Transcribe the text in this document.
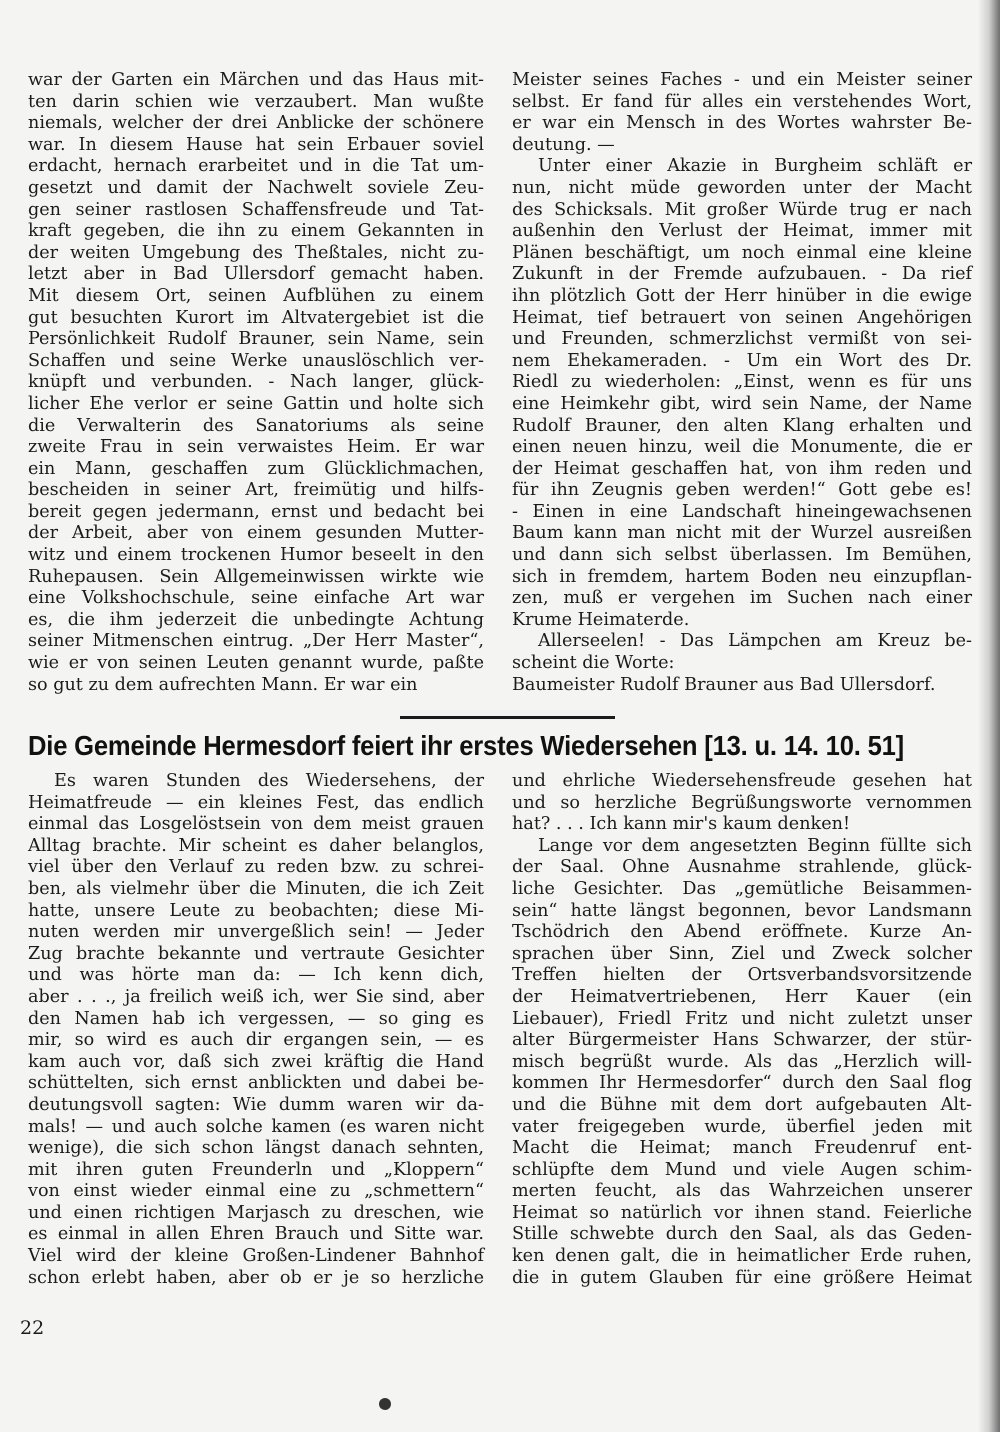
war der Garten ein Märchen und das Haus mit-
ten darin schien wie verzaubert. Man wußte
niemals, welcher der drei Anblicke der schönere
war. In diesem Hause hat sein Erbauer soviel
erdacht, hernach erarbeitet und in die Tat um-
gesetzt und damit der Nachwelt soviele Zeu-
gen seiner rastlosen Schaffensfreude und Tat-
kraft gegeben, die ihn zu einem Gekannten in
der weiten Umgebung des Theßtales, nicht zu-
letzt aber in Bad Ullersdorf gemacht haben.
Mit diesem Ort, seinen Aufblühen zu einem
gut besuchten Kurort im Altvatergebiet ist die
Persönlichkeit Rudolf Brauner, sein Name, sein
Schaffen und seine Werke unauslöschlich ver-
knüpft und verbunden. - Nach langer, glück-
licher Ehe verlor er seine Gattin und holte sich
die Verwalterin des Sanatoriums als seine
zweite Frau in sein verwaistes Heim. Er war
ein Mann, geschaffen zum Glücklichmachen,
bescheiden in seiner Art, freimütig und hilfs-
bereit gegen jedermann, ernst und bedacht bei
der Arbeit, aber von einem gesunden Mutter-
witz und einem trockenen Humor beseelt in den
Ruhepausen. Sein Allgemeinwissen wirkte wie
eine Volkshochschule, seine einfache Art war
es, die ihm jederzeit die unbedingte Achtung
seiner Mitmenschen eintrug. „Der Herr Master“,
wie er von seinen Leuten genannt wurde, paßte
so gut zu dem aufrechten Mann. Er war ein
Meister seines Faches - und ein Meister seiner
selbst. Er fand für alles ein verstehendes Wort,
er war ein Mensch in des Wortes wahrster Be-
deutung. —
Unter einer Akazie in Burgheim schläft er
nun, nicht müde geworden unter der Macht
des Schicksals. Mit großer Würde trug er nach
außenhin den Verlust der Heimat, immer mit
Plänen beschäftigt, um noch einmal eine kleine
Zukunft in der Fremde aufzubauen. - Da rief
ihn plötzlich Gott der Herr hinüber in die ewige
Heimat, tief betrauert von seinen Angehörigen
und Freunden, schmerzlichst vermißt von sei-
nem Ehekameraden. - Um ein Wort des Dr.
Riedl zu wiederholen: „Einst, wenn es für uns
eine Heimkehr gibt, wird sein Name, der Name
Rudolf Brauner, den alten Klang erhalten und
einen neuen hinzu, weil die Monumente, die er
der Heimat geschaffen hat, von ihm reden und
für ihn Zeugnis geben werden!“ Gott gebe es!
- Einen in eine Landschaft hineingewachsenen
Baum kann man nicht mit der Wurzel ausreißen
und dann sich selbst überlassen. Im Bemühen,
sich in fremdem, hartem Boden neu einzupflan-
zen, muß er vergehen im Suchen nach einer
Krume Heimaterde.
Allerseelen! - Das Lämpchen am Kreuz be-
scheint die Worte:
Baumeister Rudolf Brauner aus Bad Ullersdorf.
Die Gemeinde Hermesdorf feiert ihr erstes Wiedersehen [13. u. 14. 10. 51]
Es waren Stunden des Wiedersehens, der
Heimatfreude — ein kleines Fest, das endlich
einmal das Losgelöstsein von dem meist grauen
Alltag brachte. Mir scheint es daher belanglos,
viel über den Verlauf zu reden bzw. zu schrei-
ben, als vielmehr über die Minuten, die ich Zeit
hatte, unsere Leute zu beobachten; diese Mi-
nuten werden mir unvergeßlich sein! — Jeder
Zug brachte bekannte und vertraute Gesichter
und was hörte man da: — Ich kenn dich,
aber . . ., ja freilich weiß ich, wer Sie sind, aber
den Namen hab ich vergessen, — so ging es
mir, so wird es auch dir ergangen sein, — es
kam auch vor, daß sich zwei kräftig die Hand
schüttelten, sich ernst anblickten und dabei be-
deutungsvoll sagten: Wie dumm waren wir da-
mals! — und auch solche kamen (es waren nicht
wenige), die sich schon längst danach sehnten,
mit ihren guten Freunderln und „Kloppern“
von einst wieder einmal eine zu „schmettern“
und einen richtigen Marjasch zu dreschen, wie
es einmal in allen Ehren Brauch und Sitte war.
Viel wird der kleine Großen-Lindener Bahnhof
schon erlebt haben, aber ob er je so herzliche
und ehrliche Wiedersehensfreude gesehen hat
und so herzliche Begrüßungsworte vernommen
hat? . . . Ich kann mir's kaum denken!
Lange vor dem angesetzten Beginn füllte sich
der Saal. Ohne Ausnahme strahlende, glück-
liche Gesichter. Das „gemütliche Beisammen-
sein“ hatte längst begonnen, bevor Landsmann
Tschödrich den Abend eröffnete. Kurze An-
sprachen über Sinn, Ziel und Zweck solcher
Treffen hielten der Ortsverbandsvorsitzende
der Heimatvertriebenen, Herr Kauer (ein
Liebauer), Friedl Fritz und nicht zuletzt unser
alter Bürgermeister Hans Schwarzer, der stür-
misch begrüßt wurde. Als das „Herzlich will-
kommen Ihr Hermesdorfer“ durch den Saal flog
und die Bühne mit dem dort aufgebauten Alt-
vater freigegeben wurde, überfiel jeden mit
Macht die Heimat; manch Freudenruf ent-
schlüpfte dem Mund und viele Augen schim-
merten feucht, als das Wahrzeichen unserer
Heimat so natürlich vor ihnen stand. Feierliche
Stille schwebte durch den Saal, als das Geden-
ken denen galt, die in heimatlicher Erde ruhen,
die in gutem Glauben für eine größere Heimat
22
